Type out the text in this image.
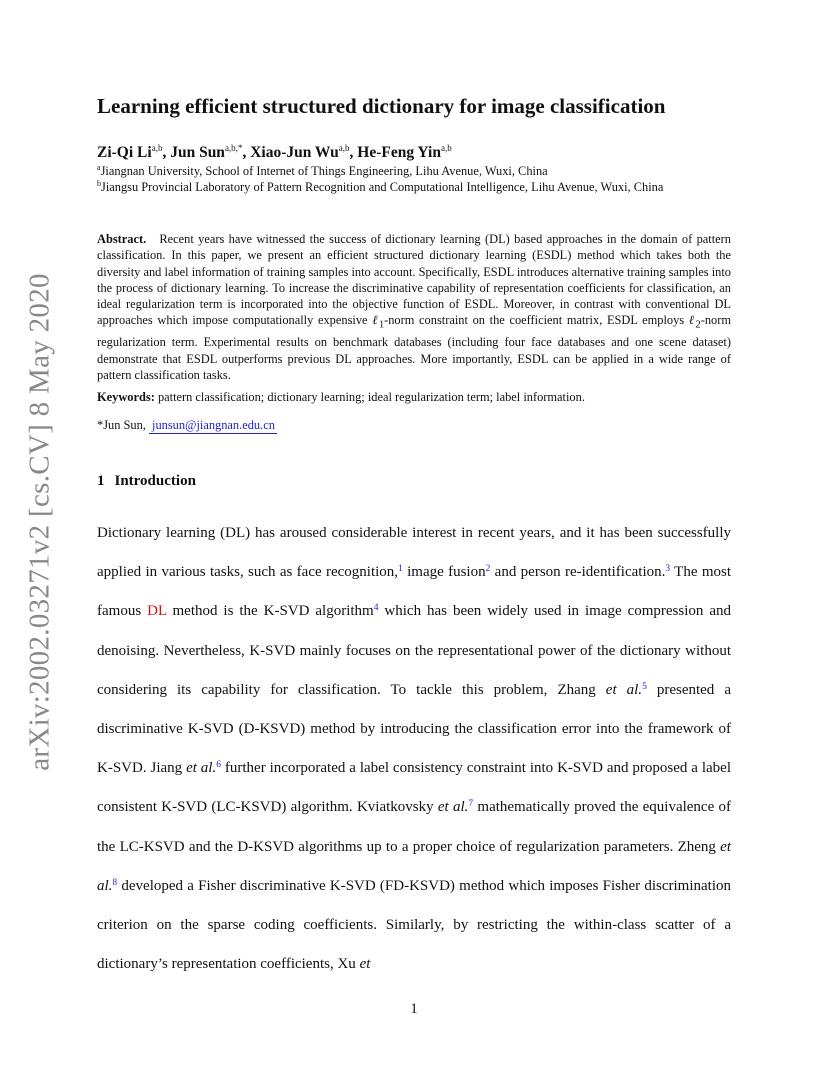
arXiv:2002.03271v2 [cs.CV] 8 May 2020
Learning efficient structured dictionary for image classification
Zi-Qi Li$^{a,b}$, Jun Sun$^{a,b,*}$, Xiao-Jun Wu$^{a,b}$, He-Feng Yin$^{a,b}$
$^a$Jiangnan University, School of Internet of Things Engineering, Lihu Avenue, Wuxi, China
$^b$Jiangsu Provincial Laboratory of Pattern Recognition and Computational Intelligence, Lihu Avenue, Wuxi, China

Abstract. Recent years have witnessed the success of dictionary learning (DL) based approaches in the domain of pattern classification. In this paper, we present an efficient structured dictionary learning (ESDL) method which takes both the diversity and label information of training samples into account. Specifically, ESDL introduces alternative training samples into the process of dictionary learning. To increase the discriminative capability of representation coefficients for classification, an ideal regularization term is incorporated into the objective function of ESDL. Moreover, in contrast with conventional DL approaches which impose computationally expensive ℓ$_1$-norm constraint on the coefficient matrix, ESDL employs ℓ$_2$-norm regularization term. Experimental results on benchmark databases (including four face databases and one scene dataset) demonstrate that ESDL outperforms previous DL approaches. More importantly, ESDL can be applied in a wide range of pattern classification tasks.

Keywords: pattern classification; dictionary learning; ideal regularization term; label information.
*Jun Sun, junsun@jiangnan.edu.cn
1 Introduction

Dictionary learning (DL) has aroused considerable interest in recent years, and it has been successfully applied in various tasks, such as face recognition,$^1$ image fusion$^2$ and person re-identification.$^3$ The most famous DL method is the K-SVD algorithm$^4$ which has been widely used in image compression and denoising. Nevertheless, K-SVD mainly focuses on the representational power of the dictionary without considering its capability for classification. To tackle this problem, Zhang et al.$^5$ presented a discriminative K-SVD (D-KSVD) method by introducing the classification error into the framework of K-SVD. Jiang et al.$^6$ further incorporated a label consistency constraint into K-SVD and proposed a label consistent K-SVD (LC-KSVD) algorithm. Kviatkovsky et al.$^7$ mathematically proved the equivalence of the LC-KSVD and the D-KSVD algorithms up to a proper choice of regularization parameters. Zheng et al.$^8$ developed a Fisher discriminative K-SVD (FD-KSVD) method which imposes Fisher discrimination criterion on the sparse coding coefficients. Similarly, by restricting the within-class scatter of a dictionary’s representation coefficients, Xu et

1
